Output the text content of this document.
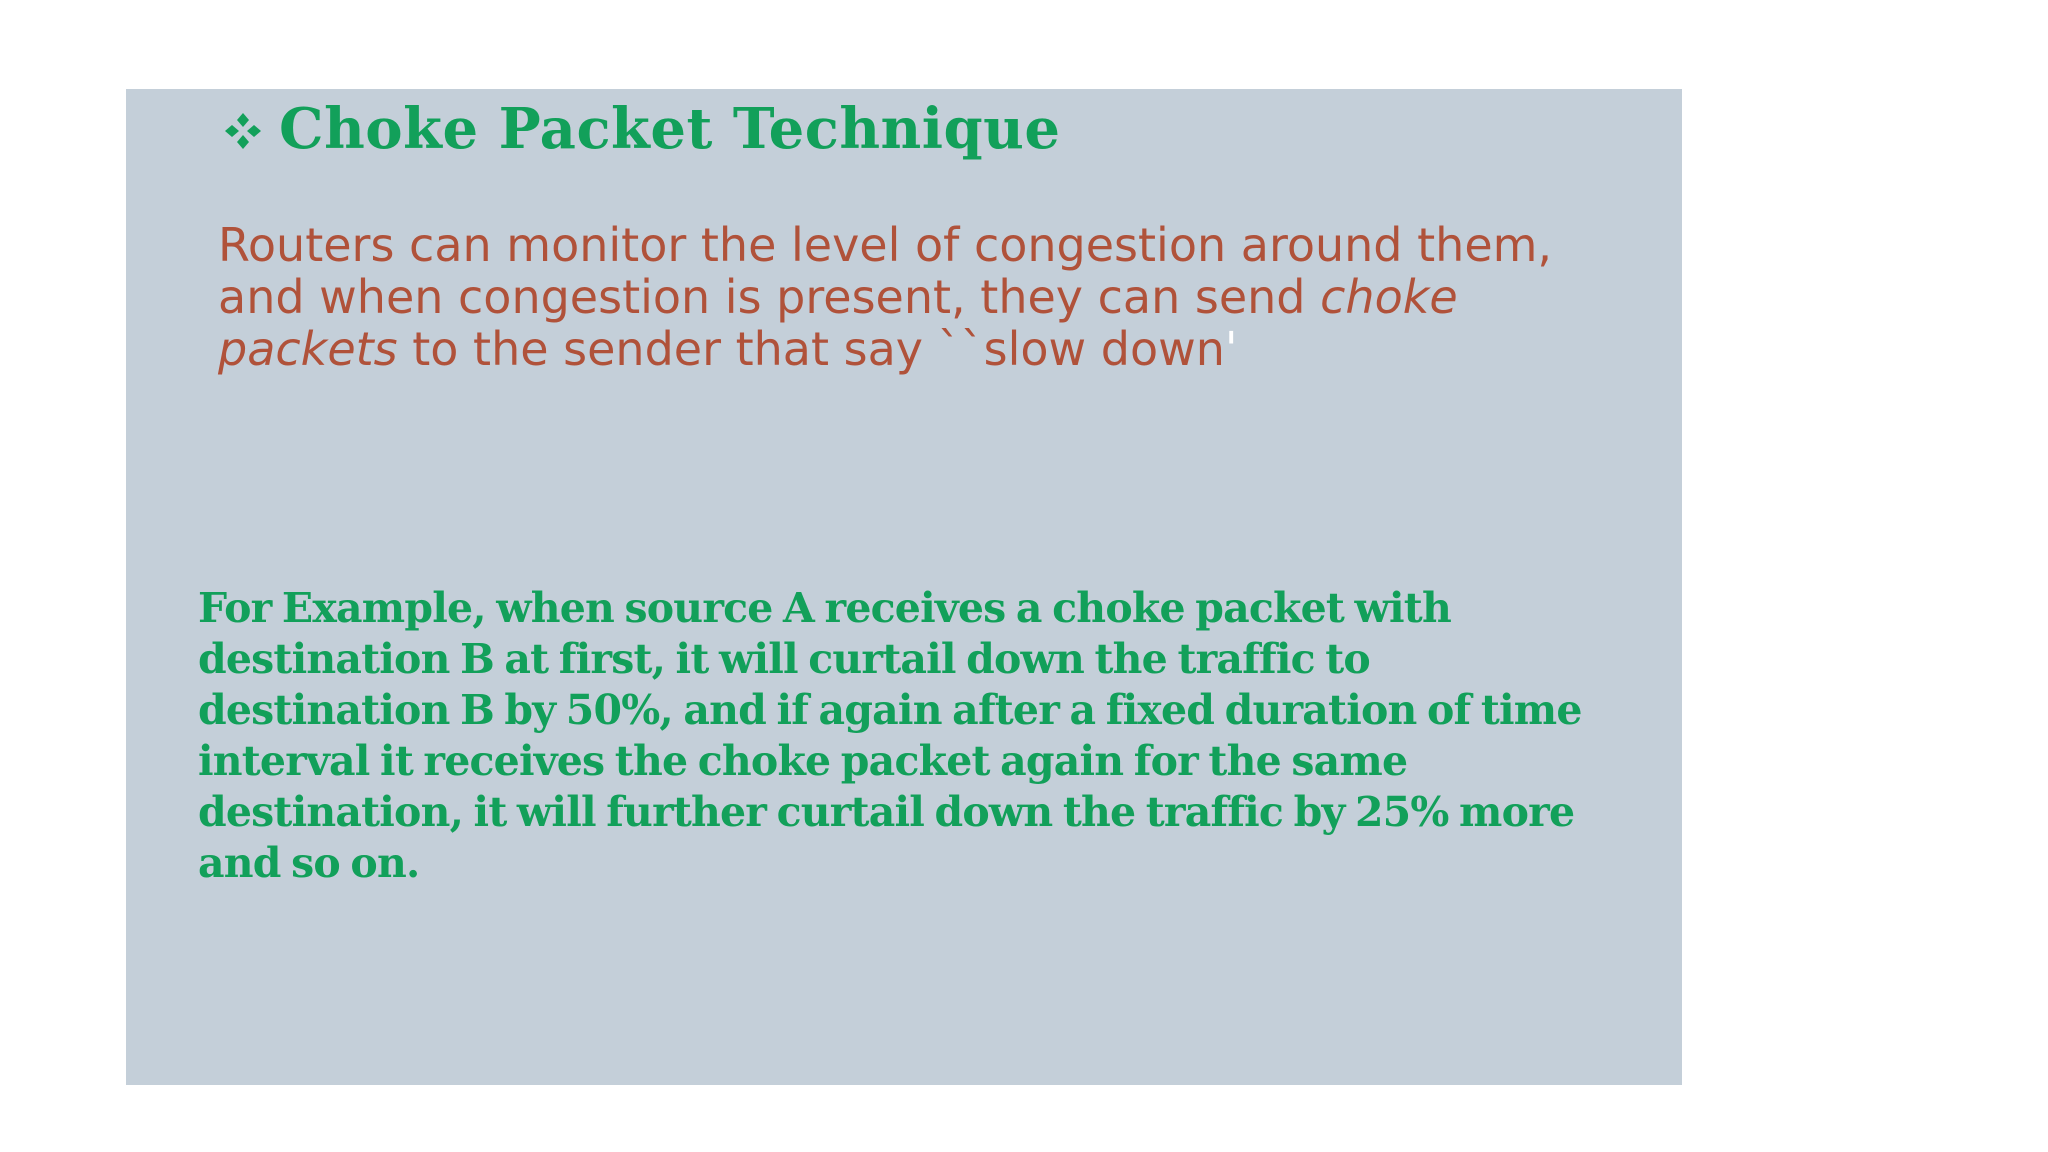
Choke Packet Technique
Routers can monitor the level of congestion around them,
and when congestion is present, they can send choke
packets to the sender that say ``slow down'
For Example, when source A receives a choke packet with
destination B at first, it will curtail down the traffic to
destination B by 50%, and if again after a fixed duration of time
interval it receives the choke packet again for the same
destination, it will further curtail down the traffic by 25% more
and so on.
